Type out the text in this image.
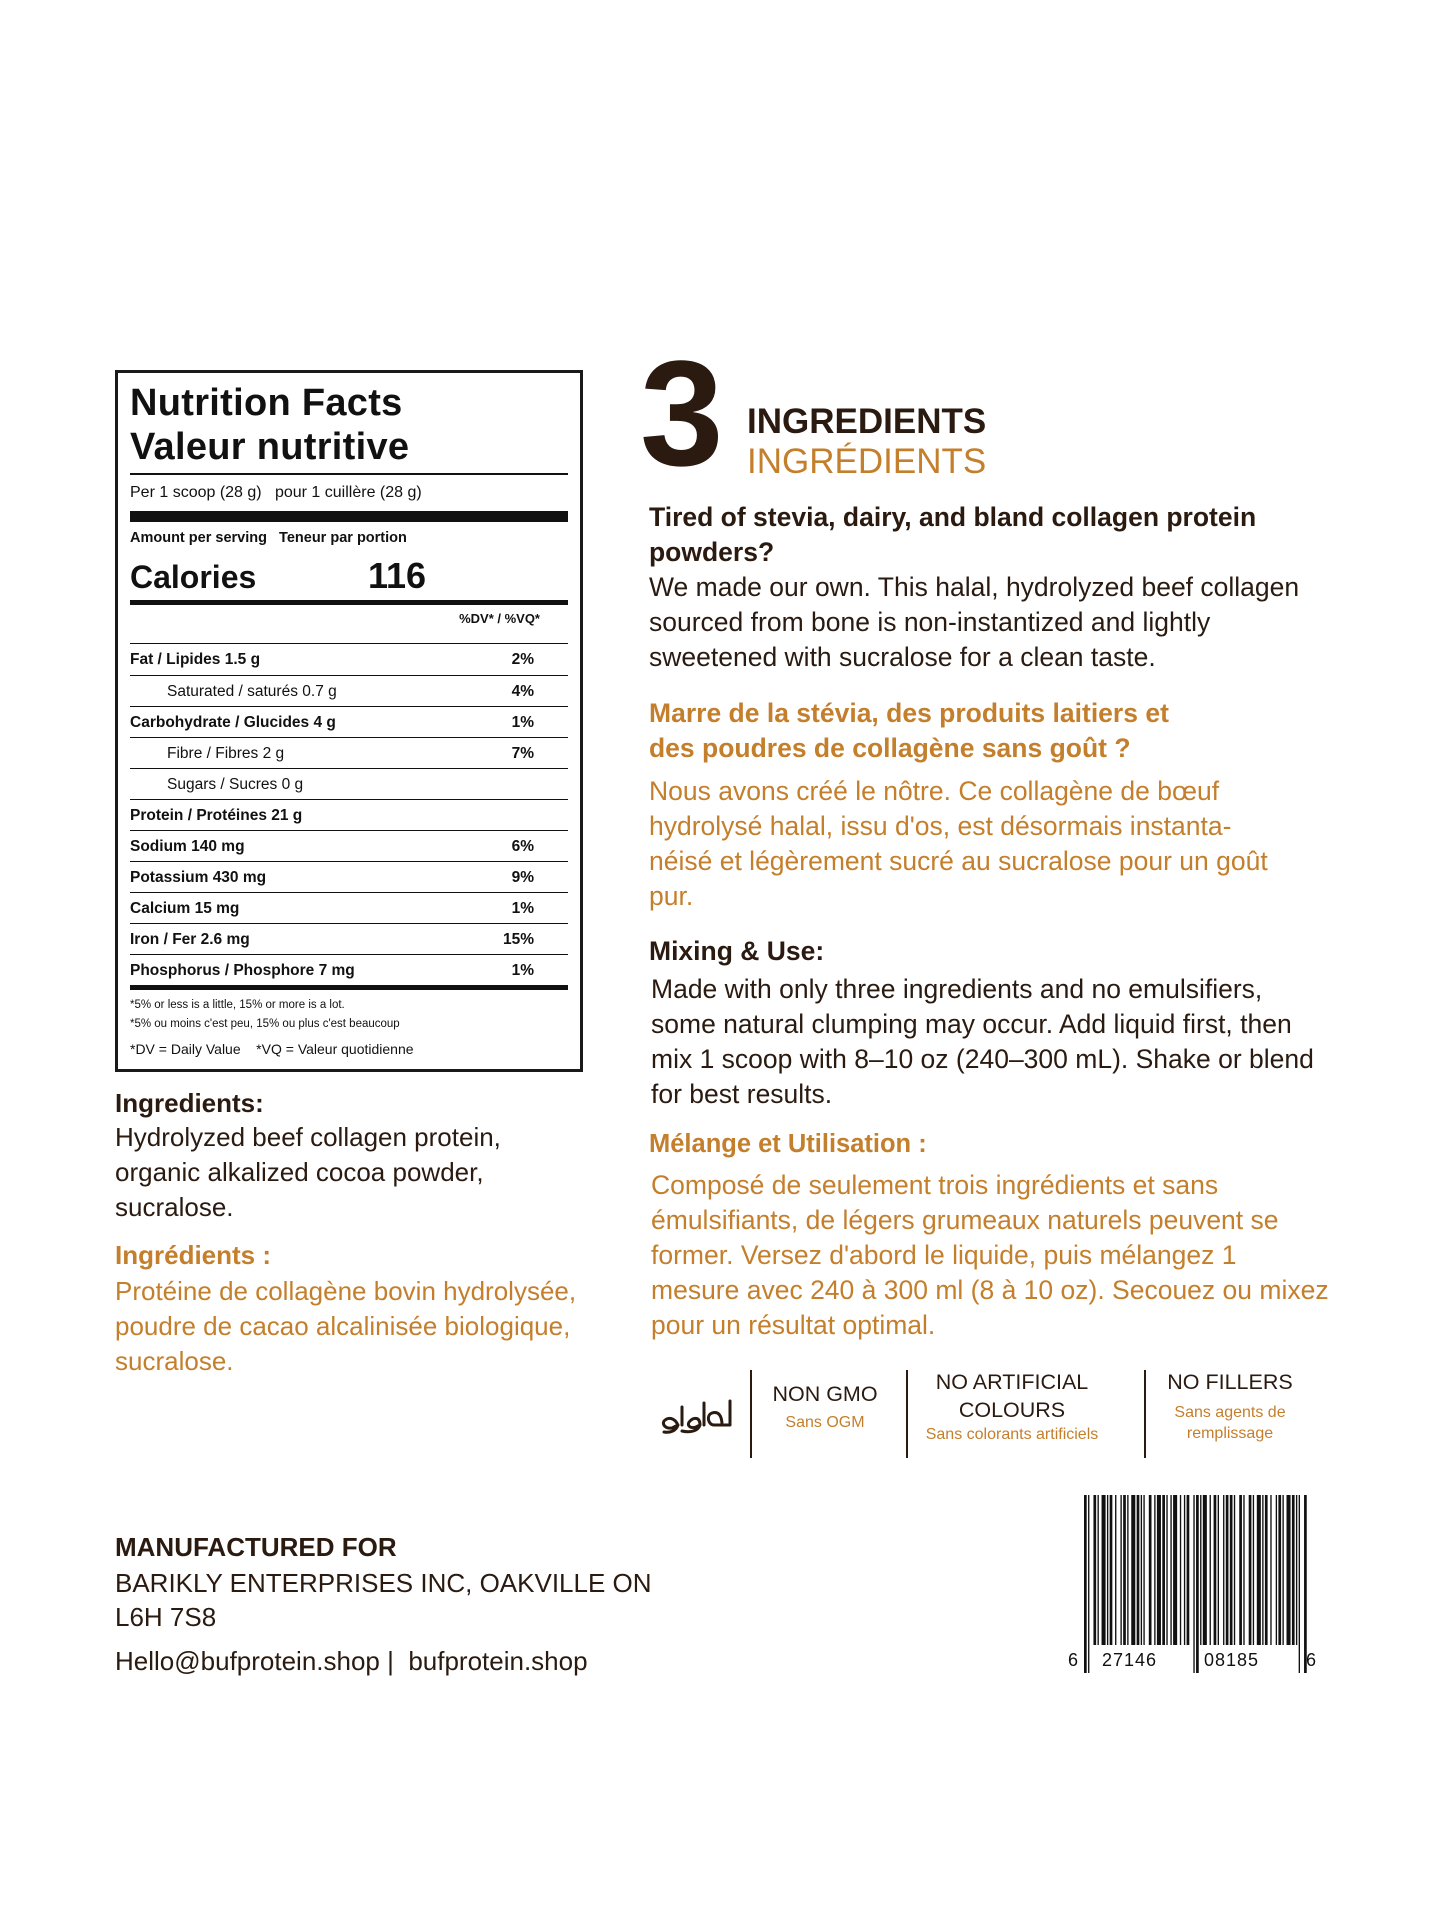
Nutrition Facts
Valeur nutritive
Per 1 scoop (28 g)   pour 1 cuillère (28 g)
Amount per serving   Teneur par portion
Calories	116
%DV* / %VQ*
Fat / Lipides 1.5 g	2%
Saturated / saturés 0.7 g	4%
Carbohydrate / Glucides 4 g	1%
Fibre / Fibres 2 g	7%
Sugars / Sucres 0 g
Protein / Protéines 21 g
Sodium 140 mg	6%
Potassium 430 mg	9%
Calcium 15 mg	1%
Iron / Fer 2.6 mg	15%
Phosphorus / Phosphore 7 mg	1%
*5% or less is a little, 15% or more is a lot.
*5% ou moins c'est peu, 15% ou plus c'est beaucoup
*DV = Daily Value    *VQ = Valeur quotidienne
Ingredients:
Hydrolyzed beef collagen protein, organic alkalized cocoa powder, sucralose.
Ingrédients :
Protéine de collagène bovin hydrolysée, poudre de cacao alcalinisée biologique, sucralose.
3 INGREDIENTS
INGRÉDIENTS
Tired of stevia, dairy, and bland collagen protein powders?
We made our own. This halal, hydrolyzed beef collagen sourced from bone is non-instantized and lightly sweetened with sucralose for a clean taste.
Marre de la stévia, des produits laitiers et des poudres de collagène sans goût ?
Nous avons créé le nôtre. Ce collagène de bœuf hydrolysé halal, issu d'os, est désormais instanta-néisé et légèrement sucré au sucralose pour un goût pur.
Mixing & Use:
Made with only three ingredients and no emulsifiers, some natural clumping may occur. Add liquid first, then mix 1 scoop with 8–10 oz (240–300 mL). Shake or blend for best results.
Mélange et Utilisation :
Composé de seulement trois ingrédients et sans émulsifiants, de légers grumeaux naturels peuvent se former. Versez d'abord le liquide, puis mélangez 1 mesure avec 240 à 300 ml (8 à 10 oz). Secouez ou mixez pour un résultat optimal.
NON GMO
Sans OGM
NO ARTIFICIAL COLOURS
Sans colorants artificiels
NO FILLERS
Sans agents de remplissage
MANUFACTURED FOR
BARIKLY ENTERPRISES INC, OAKVILLE ON L6H 7S8
Hello@bufprotein.shop |  bufprotein.shop	6 27146	08185	6
